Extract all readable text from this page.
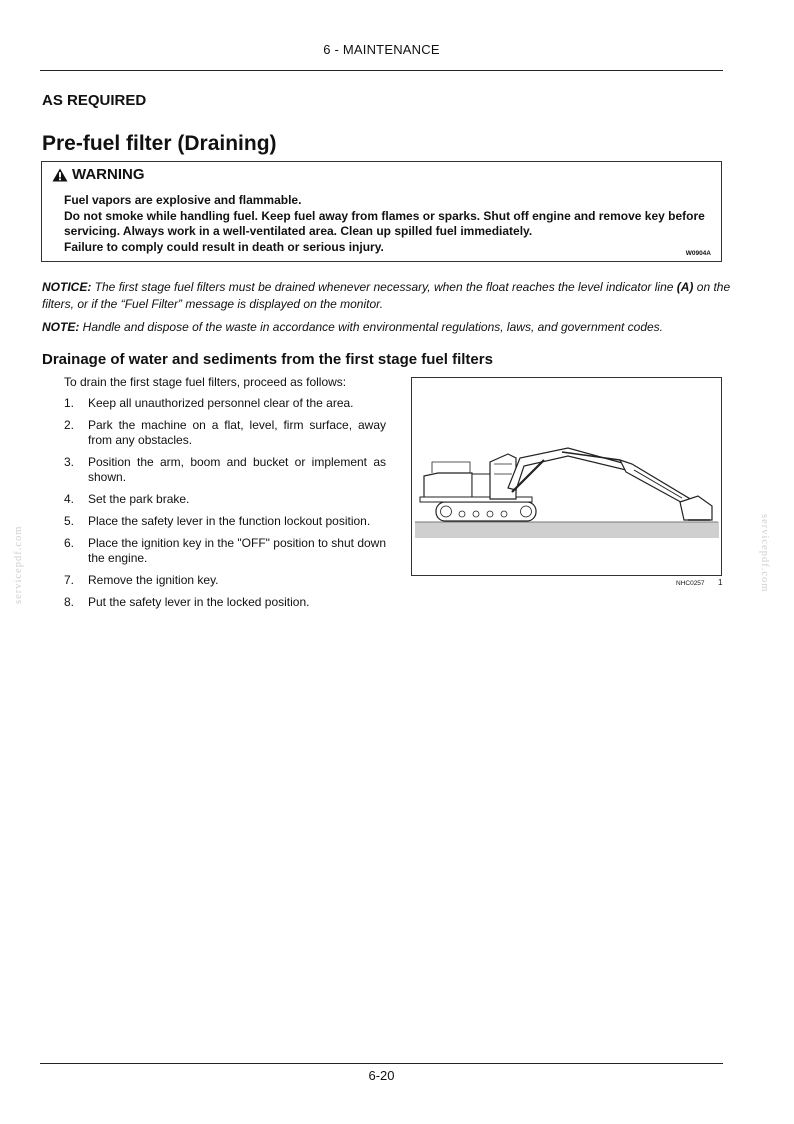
6 - MAINTENANCE
AS REQUIRED
Pre-fuel filter (Draining)
WARNING
Fuel vapors are explosive and flammable.
Do not smoke while handling fuel. Keep fuel away from flames or sparks. Shut off engine and remove key before servicing. Always work in a well-ventilated area. Clean up spilled fuel immediately.
Failure to comply could result in death or serious injury.	W0904A
NOTICE: The first stage fuel filters must be drained whenever necessary, when the float reaches the level indicator line (A) on the filters, or if the “Fuel Filter” message is displayed on the monitor.
NOTE: Handle and dispose of the waste in accordance with environmental regulations, laws, and government codes.
Drainage of water and sediments from the first stage fuel filters
To drain the first stage fuel filters, proceed as follows:
1.	Keep all unauthorized personnel clear of the area.
2.	Park the machine on a flat, level, firm surface, away from any obstacles.
3.	Position the arm, boom and bucket or implement as shown.
4.	Set the park brake.
5.	Place the safety lever in the function lockout position.
6.	Place the ignition key in the "OFF" position to shut down the engine.
7.	Remove the ignition key.
8.	Put the safety lever in the locked position.
NHC0257 1
servicepdf.com	servicepdf.com
6-20
